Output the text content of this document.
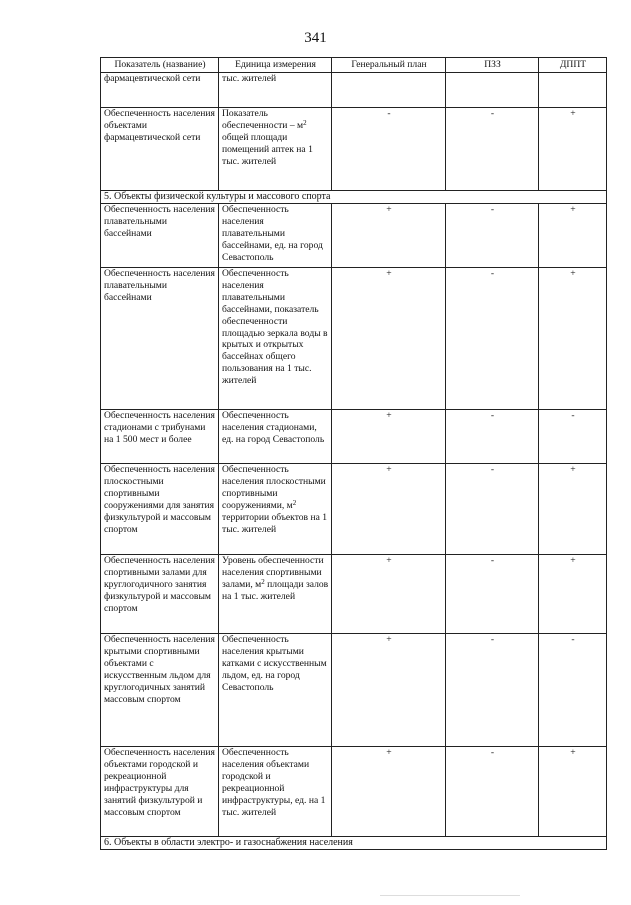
341
Показатель (название)	Единица измерения	Генеральный план	ПЗЗ	ДППТ
фармацевтической сети	тыс. жителей			
Обеспеченность населения объектами фармацевтической сети	Показатель обеспеченности – $м^2$ общей площади помещений аптек на 1 тыс. жителей	-	-	+
5. Объекты физической культуры и массового спорта				
Обеспеченность населения плавательными бассейнами	Обеспеченность населения плавательными бассейнами, ед. на город Севастополь	+	-	+
Обеспеченность населения плавательными бассейнами	Обеспеченность населения плавательными бассейнами, показатель обеспеченности площадью зеркала воды в крытых и открытых бассейнах общего пользования на 1 тыс. жителей	+	-	+
Обеспеченность населения стадионами с трибунами на 1 500 мест и более	Обеспеченность населения стадионами, ед. на город Севастополь	+	-	-
Обеспеченность населения плоскостными спортивными сооружениями для занятия физкультурой и массовым спортом	Обеспеченность населения плоскостными спортивными сооружениями, $м^2$ территории объектов на 1 тыс. жителей	+	-	+
Обеспеченность населения спортивными залами для круглогодичного занятия физкультурой и массовым спортом	Уровень обеспеченности населения спортивными залами, $м^2$ площади залов на 1 тыс. жителей	+	-	+
Обеспеченность населения крытыми спортивными объектами с искусственным льдом для круглогодичных занятий массовым спортом	Обеспеченность населения крытыми катками с искусственным льдом, ед. на город Севастополь	+	-	-
Обеспеченность населения объектами городской и рекреационной инфраструктуры для занятий физкультурой и массовым спортом	Обеспеченность населения объектами городской и рекреационной инфраструктуры, ед. на 1 тыс. жителей	+	-	+
6. Объекты в области электро- и газоснабжения населения				
